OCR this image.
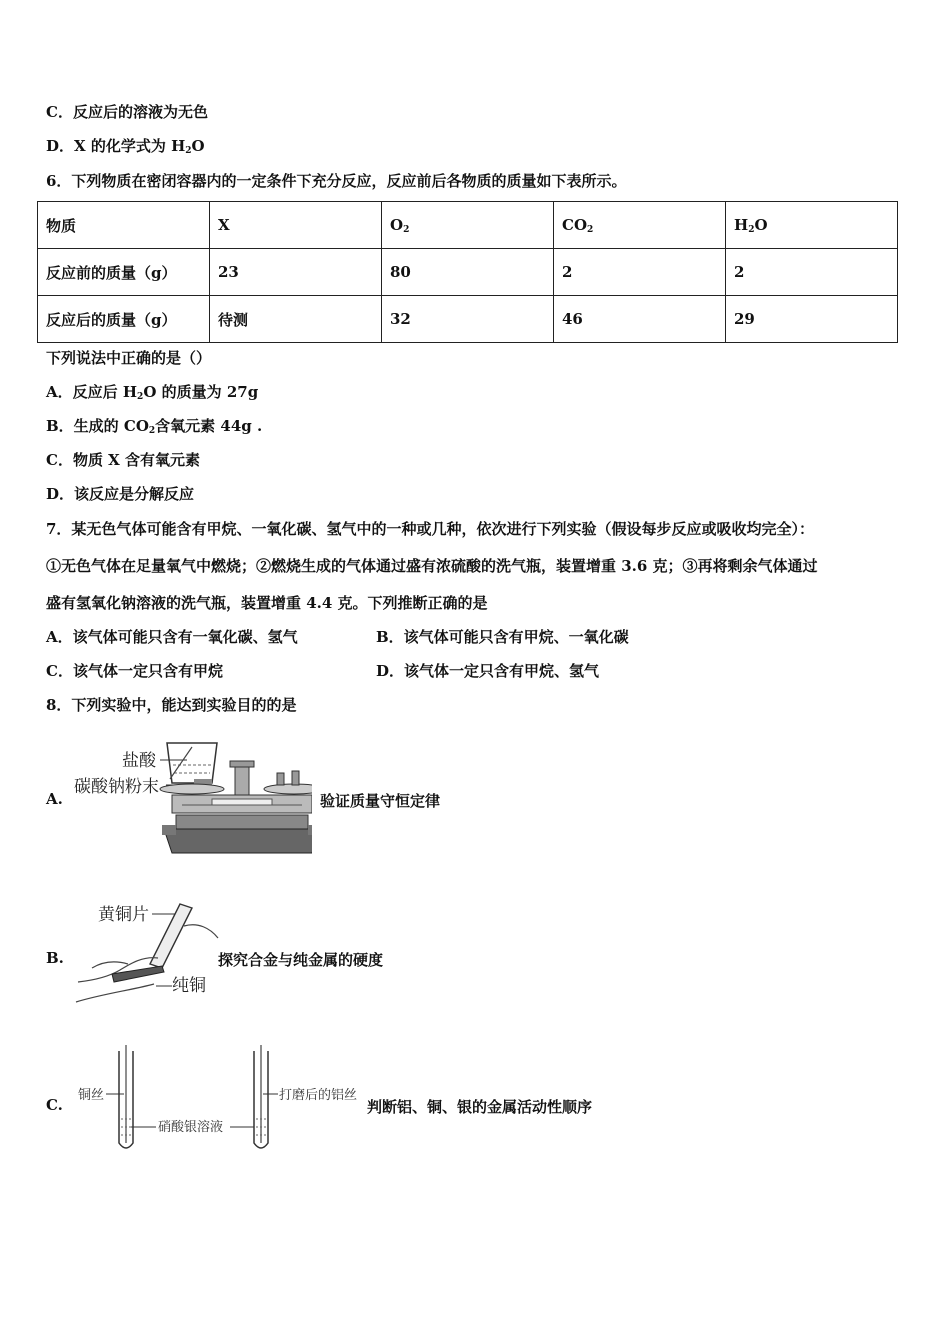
C．反应后的溶液为无色
D．X 的化学式为 $H_2O$
6．下列物质在密闭容器内的一定条件下充分反应，反应前后各物质的质量如下表所示。
物质	X	$O_2$	$CO_2$	$H_2O$
反应前的质量（g）	23	80	2	2
反应后的质量（g）	待测	32	46	29
下列说法中正确的是（）
A．反应后 $H_2O$ 的质量为 27g
B．生成的 $CO_2$含氧元素 44g .
C．物质 X 含有氧元素
D．该反应是分解反应
7．某无色气体可能含有甲烷、一氧化碳、氢气中的一种或几种，依次进行下列实验（假设每步反应或吸收均完全）：
①无色气体在足量氧气中燃烧；②燃烧生成的气体通过盛有浓硫酸的洗气瓶，装置增重 3.6 克；③再将剩余气体通过
盛有氢氧化钠溶液的洗气瓶，装置增重 4.4 克。下列推断正确的是
A．该气体可能只含有一氧化碳、氢气	B．该气体可能只含有甲烷、一氧化碳
C．该气体一定只含有甲烷	D．该气体一定只含有甲烷、氢气
8．下列实验中，能达到实验目的的是
A.
盐酸
碳酸钠粉末
验证质量守恒定律
B.
黄铜片
纯铜
探究合金与纯金属的硬度
C.
铜丝
硝酸银溶液
打磨后的铝丝
判断铝、铜、银的金属活动性顺序
